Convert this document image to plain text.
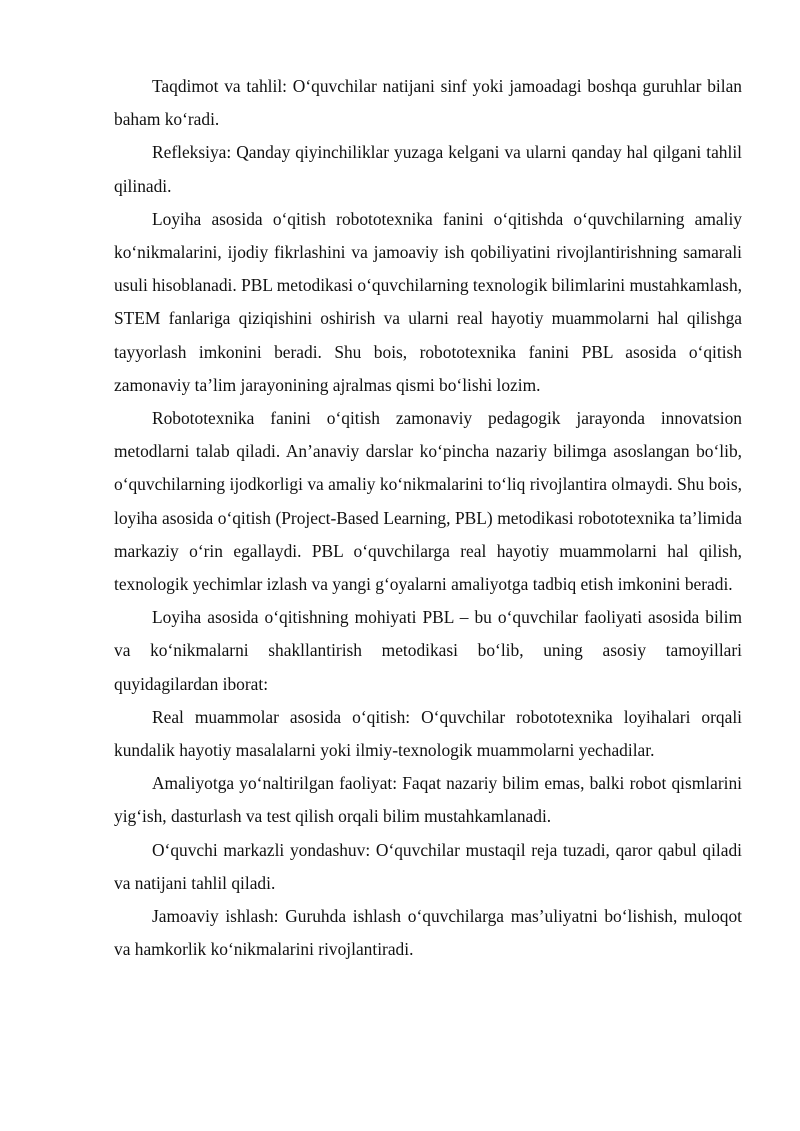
Taqdimot va tahlil: O‘quvchilar natijani sinf yoki jamoadagi boshqa guruhlar bilan baham ko‘radi.

Refleksiya: Qanday qiyinchiliklar yuzaga kelgani va ularni qanday hal qilgani tahlil qilinadi.

Loyiha asosida o‘qitish robototexnika fanini o‘qitishda o‘quvchilarning amaliy ko‘nikmalarini, ijodiy fikrlashini va jamoaviy ish qobiliyatini rivojlantirishning samarali usuli hisoblanadi. PBL metodikasi o‘quvchilarning texnologik bilimlarini mustahkamlash, STEM fanlariga qiziqishini oshirish va ularni real hayotiy muammolarni hal qilishga tayyorlash imkonini beradi. Shu bois, robototexnika fanini PBL asosida o‘qitish zamonaviy ta’lim jarayonining ajralmas qismi bo‘lishi lozim.

Robototexnika fanini o‘qitish zamonaviy pedagogik jarayonda innovatsion metodlarni talab qiladi. An’anaviy darslar ko‘pincha nazariy bilimga asoslangan bo‘lib, o‘quvchilarning ijodkorligi va amaliy ko‘nikmalarini to‘liq rivojlantira olmaydi. Shu bois, loyiha asosida o‘qitish (Project-Based Learning, PBL) metodikasi robototexnika ta’limida markaziy o‘rin egallaydi. PBL o‘quvchilarga real hayotiy muammolarni hal qilish, texnologik yechimlar izlash va yangi g‘oyalarni amaliyotga tadbiq etish imkonini beradi.

Loyiha asosida o‘qitishning mohiyati PBL – bu o‘quvchilar faoliyati asosida bilim va ko‘nikmalarni shakllantirish metodikasi bo‘lib, uning asosiy tamoyillari quyidagilardan iborat:

Real muammolar asosida o‘qitish: O‘quvchilar robototexnika loyihalari orqali kundalik hayotiy masalalarni yoki ilmiy-texnologik muammolarni yechadilar.

Amaliyotga yo‘naltirilgan faoliyat: Faqat nazariy bilim emas, balki robot qismlarini yig‘ish, dasturlash va test qilish orqali bilim mustahkamlanadi.

O‘quvchi markazli yondashuv: O‘quvchilar mustaqil reja tuzadi, qaror qabul qiladi va natijani tahlil qiladi.

Jamoaviy ishlash: Guruhda ishlash o‘quvchilarga mas’uliyatni bo‘lishish, muloqot va hamkorlik ko‘nikmalarini rivojlantiradi.
